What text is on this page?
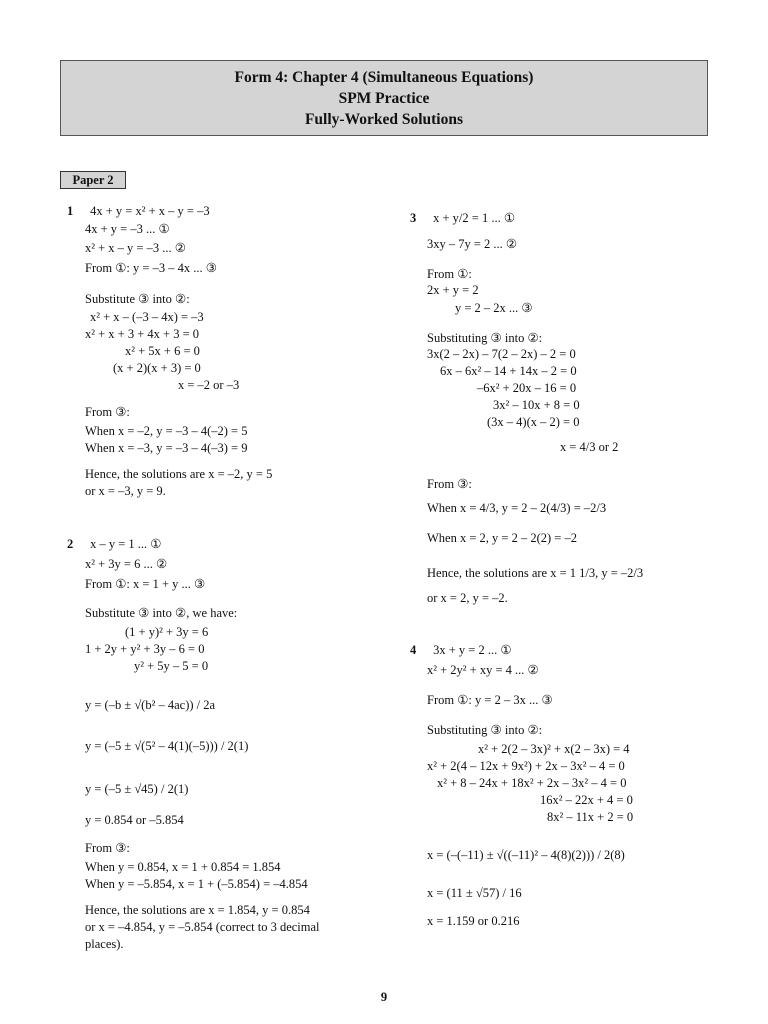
Form 4: Chapter 4 (Simultaneous Equations)
SPM Practice
Fully-Worked Solutions
Paper 2
1 4x + y = x² + x – y = –3
4x + y = –3 ... ①
x² + x – y = –3 ... ②
From ①: y = –3 – 4x ... ③
Substitute ③ into ②:
x² + x – (–3 – 4x) = –3
x² + x + 3 + 4x + 3 = 0
x² + 5x + 6 = 0
(x + 2)(x + 3) = 0
x = –2 or –3
From ③:
When x = –2, y = –3 – 4(–2) = 5
When x = –3, y = –3 – 4(–3) = 9
Hence, the solutions are x = –2, y = 5
or x = –3, y = 9.
2 x – y = 1 ... ①
x² + 3y = 6 ... ②
From ①: x = 1 + y ... ③
Substitute ③ into ②, we have:
(1 + y)² + 3y = 6
1 + 2y + y² + 3y – 6 = 0
y² + 5y – 5 = 0
y = (–b ± √(b² – 4ac)) / 2a
y = (–5 ± √(5² – 4(1)(–5))) / 2(1)
y = (–5 ± √45) / 2(1)
y = 0.854 or –5.854
From ③:
When y = 0.854, x = 1 + 0.854 = 1.854
When y = –5.854, x = 1 + (–5.854) = –4.854
Hence, the solutions are x = 1.854, y = 0.854
or x = –4.854, y = –5.854 (correct to 3 decimal
places).
3 x + y/2 = 1 ... ①
3xy – 7y = 2 ... ②
From ①:
2x + y = 2
y = 2 – 2x ... ③
Substituting ③ into ②:
3x(2 – 2x) – 7(2 – 2x) – 2 = 0
6x – 6x² – 14 + 14x – 2 = 0
–6x² + 20x – 16 = 0
3x² – 10x + 8 = 0
(3x – 4)(x – 2) = 0
x = 4/3 or 2
From ③:
When x = 4/3, y = 2 – 2(4/3) = –2/3
When x = 2, y = 2 – 2(2) = –2
Hence, the solutions are x = 1 1/3, y = –2/3
or x = 2, y = –2.
4 3x + y = 2 ... ①
x² + 2y² + xy = 4 ... ②
From ①: y = 2 – 3x ... ③
Substituting ③ into ②:
x² + 2(2 – 3x)² + x(2 – 3x) = 4
x² + 2(4 – 12x + 9x²) + 2x – 3x² – 4 = 0
x² + 8 – 24x + 18x² + 2x – 3x² – 4 = 0
16x² – 22x + 4 = 0
8x² – 11x + 2 = 0
x = (–(–11) ± √((–11)² – 4(8)(2))) / 2(8)
x = (11 ± √57) / 16
x = 1.159 or 0.216
9
